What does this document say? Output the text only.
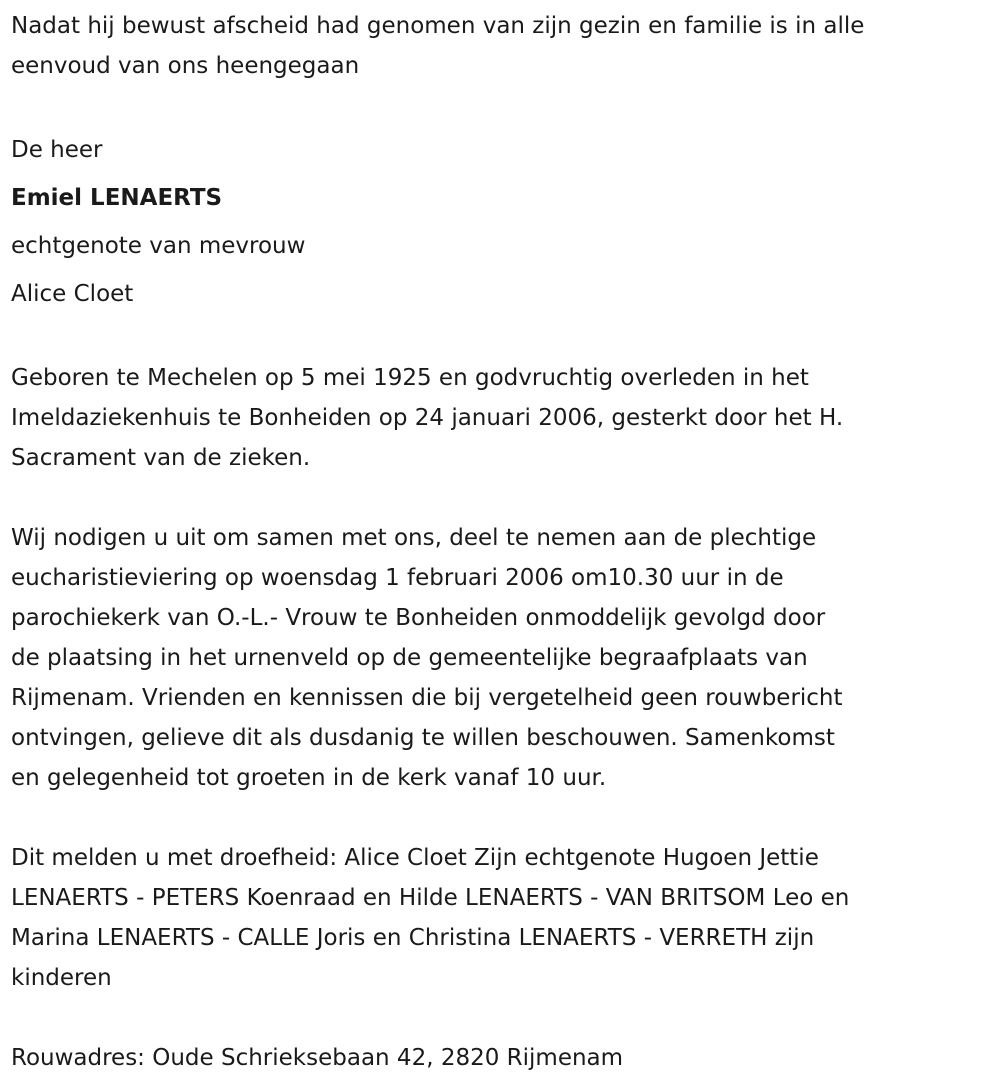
Nadat hij bewust afscheid had genomen van zijn gezin en familie is in alle

eenvoud van ons heengegaan

De heer

Emiel LENAERTS

echtgenote van mevrouw

Alice Cloet

Geboren te Mechelen op 5 mei 1925 en godvruchtig overleden in het

Imeldaziekenhuis te Bonheiden op 24 januari 2006, gesterkt door het H.

Sacrament van de zieken.

Wij nodigen u uit om samen met ons, deel te nemen aan de plechtige

eucharistieviering op woensdag 1 februari 2006 om10.30 uur in de

parochiekerk van O.-L.- Vrouw te Bonheiden onmoddelijk gevolgd door

de plaatsing in het urnenveld op de gemeentelijke begraafplaats van

Rijmenam. Vrienden en kennissen die bij vergetelheid geen rouwbericht

ontvingen, gelieve dit als dusdanig te willen beschouwen. Samenkomst

en gelegenheid tot groeten in de kerk vanaf 10 uur.

Dit melden u met droefheid: Alice Cloet Zijn echtgenote Hugoen Jettie

LENAERTS - PETERS Koenraad en Hilde LENAERTS - VAN BRITSOM Leo en

Marina LENAERTS - CALLE Joris en Christina LENAERTS - VERRETH zijn

kinderen

Rouwadres: Oude Schrieksebaan 42, 2820 Rijmenam
